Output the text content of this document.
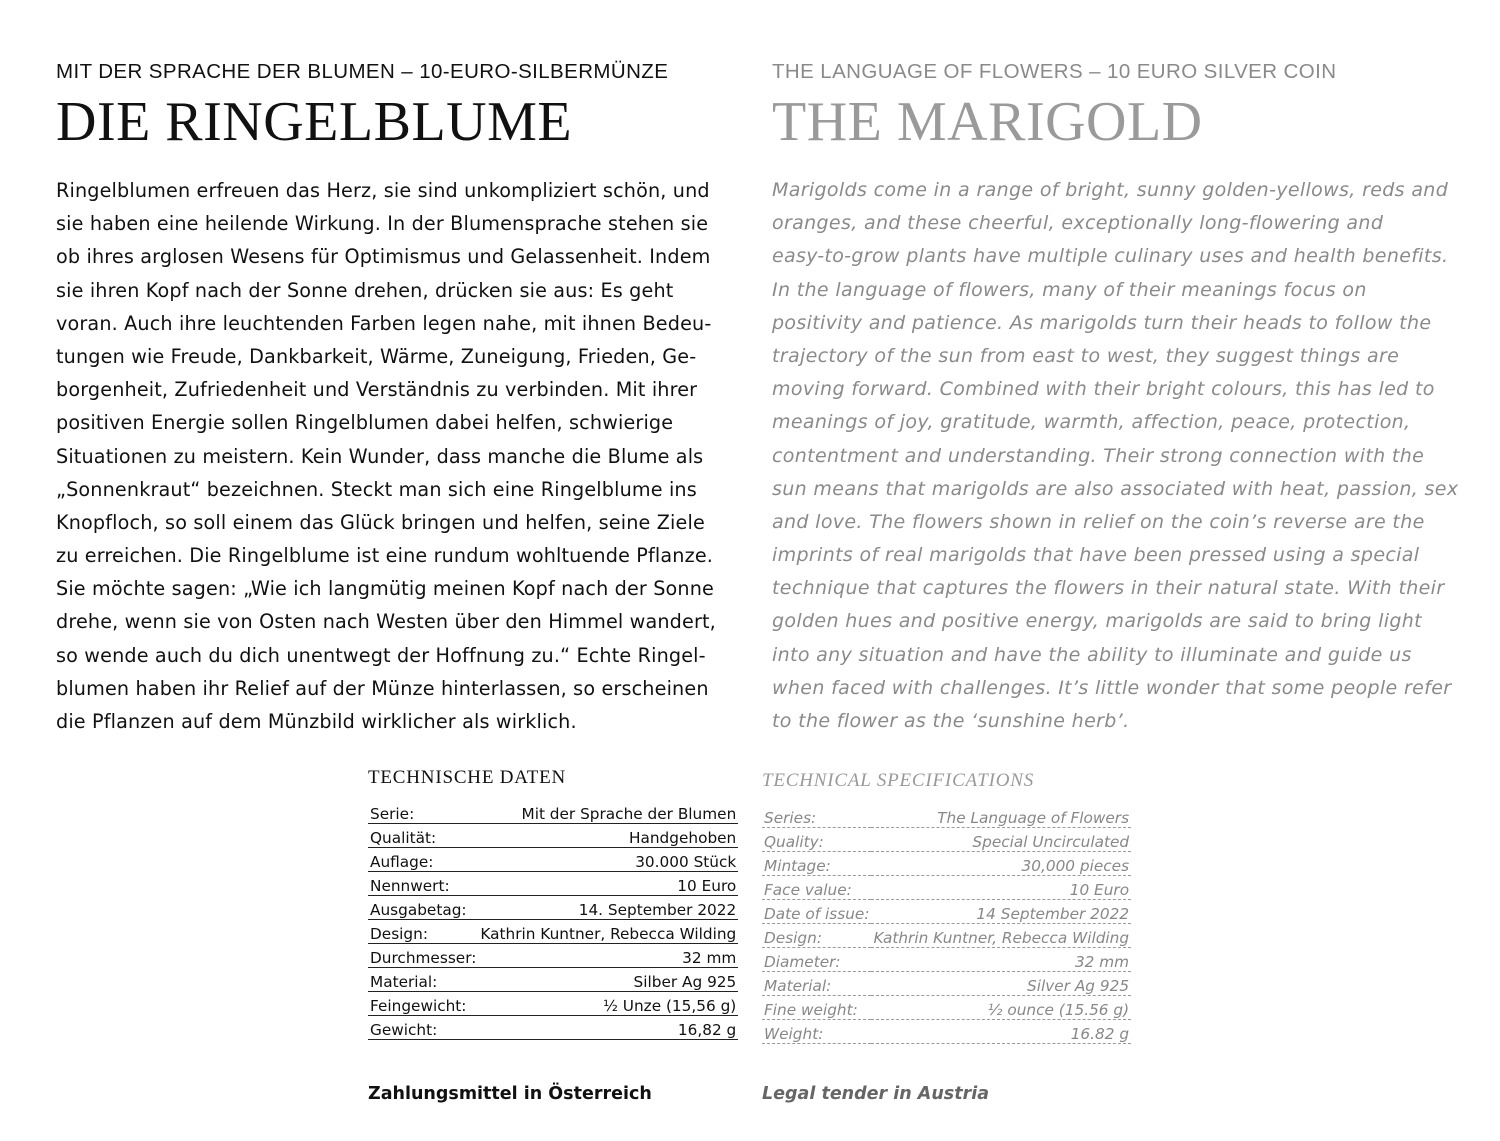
MIT DER SPRACHE DER BLUMEN – 10-EURO-SILBERMÜNZE
DIE RINGELBLUME

Ringelblumen erfreuen das Herz, sie sind unkompliziert schön, und
sie haben eine heilende Wirkung. In der Blumensprache stehen sie
ob ihres arglosen Wesens für Optimismus und Gelassenheit. Indem
sie ihren Kopf nach der Sonne drehen, drücken sie aus: Es geht
voran. Auch ihre leuchtenden Farben legen nahe, mit ihnen Bedeu-
tungen wie Freude, Dankbarkeit, Wärme, Zuneigung, Frieden, Ge-
borgenheit, Zufriedenheit und Verständnis zu verbinden. Mit ihrer
positiven Energie sollen Ringelblumen dabei helfen, schwierige
Situationen zu meistern. Kein Wunder, dass manche die Blume als
„Sonnenkraut“ bezeichnen. Steckt man sich eine Ringelblume ins
Knopfloch, so soll einem das Glück bringen und helfen, seine Ziele
zu erreichen. Die Ringelblume ist eine rundum wohltuende Pflanze.
Sie möchte sagen: „Wie ich langmütig meinen Kopf nach der Sonne
drehe, wenn sie von Osten nach Westen über den Himmel wandert,
so wende auch du dich unentwegt der Hoffnung zu.“ Echte Ringel-
blumen haben ihr Relief auf der Münze hinterlassen, so erscheinen
die Pflanzen auf dem Münzbild wirklicher als wirklich.

THE LANGUAGE OF FLOWERS – 10 EURO SILVER COIN
THE MARIGOLD

Marigolds come in a range of bright, sunny golden-yellows, reds and
oranges, and these cheerful, exceptionally long-flowering and
easy-to-grow plants have multiple culinary uses and health benefits.
In the language of flowers, many of their meanings focus on
positivity and patience. As marigolds turn their heads to follow the
trajectory of the sun from east to west, they suggest things are
moving forward. Combined with their bright colours, this has led to
meanings of joy, gratitude, warmth, affection, peace, protection,
contentment and understanding. Their strong connection with the
sun means that marigolds are also associated with heat, passion, sex
and love. The flowers shown in relief on the coin’s reverse are the
imprints of real marigolds that have been pressed using a special
technique that captures the flowers in their natural state. With their
golden hues and positive energy, marigolds are said to bring light
into any situation and have the ability to illuminate and guide us
when faced with challenges. It’s little wonder that some people refer
to the flower as the ‘sunshine herb’.

TECHNISCHE DATEN
Serie:	Mit der Sprache der Blumen
Qualität:	Handgehoben
Auflage:	30.000 Stück
Nennwert:	10 Euro
Ausgabetag:	14. September 2022
Design:	Kathrin Kuntner, Rebecca Wilding
Durchmesser:	32 mm
Material:	Silber Ag 925
Feingewicht:	½ Unze (15,56 g)
Gewicht:	16,82 g
TECHNICAL SPECIFICATIONS
Series:	The Language of Flowers
Quality:	Special Uncirculated
Mintage:	30,000 pieces
Face value:	10 Euro
Date of issue:	14 September 2022
Design:	Kathrin Kuntner, Rebecca Wilding
Diameter:	32 mm
Material:	Silver Ag 925
Fine weight:	½ ounce (15.56 g)
Weight:	16.82 g
Zahlungsmittel in Österreich	Legal tender in Austria
